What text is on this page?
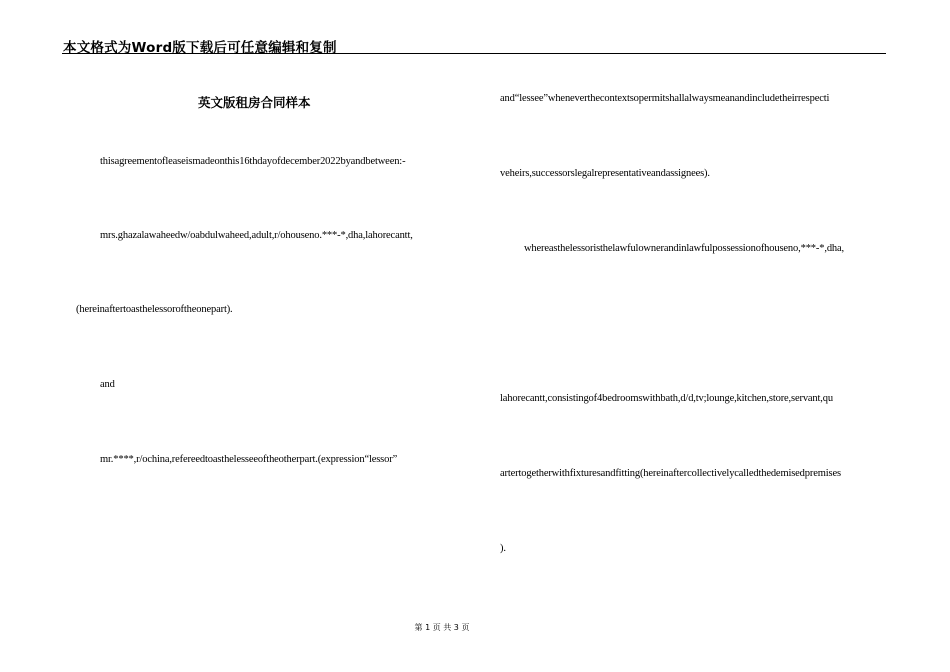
本文格式为Word版下载后可任意编辑和复制
英文版租房合同样本
thisagreementofleaseismadeonthis16thdayofdecember2022byandbetween:-
mrs.ghazalawaheedw/oabdulwaheed,adult,r/ohouseno.***-*,dha,lahorecantt,
(hereinaftertoasthelessoroftheonepart).
and
mr.****,r/ochina,refereedtoasthelesseeoftheotherpart.(expression“lessor”
and“lessee”wheneverthecontextsopermitshallalwaysmeanandincludetheirrespecti
veheirs,successorslegalrepresentativeandassignees).
whereasthelessoristhelawfulownerandinlawfulpossessionofhouseno,***-*,dha,
lahorecantt,consistingof4bedroomswithbath,d/d,tv;lounge,kitchen,store,servant,qu
artertogetherwithfixturesandfitting(hereinaftercollectivelycalledthedemisedpremises
).
第 1 页 共 3 页
